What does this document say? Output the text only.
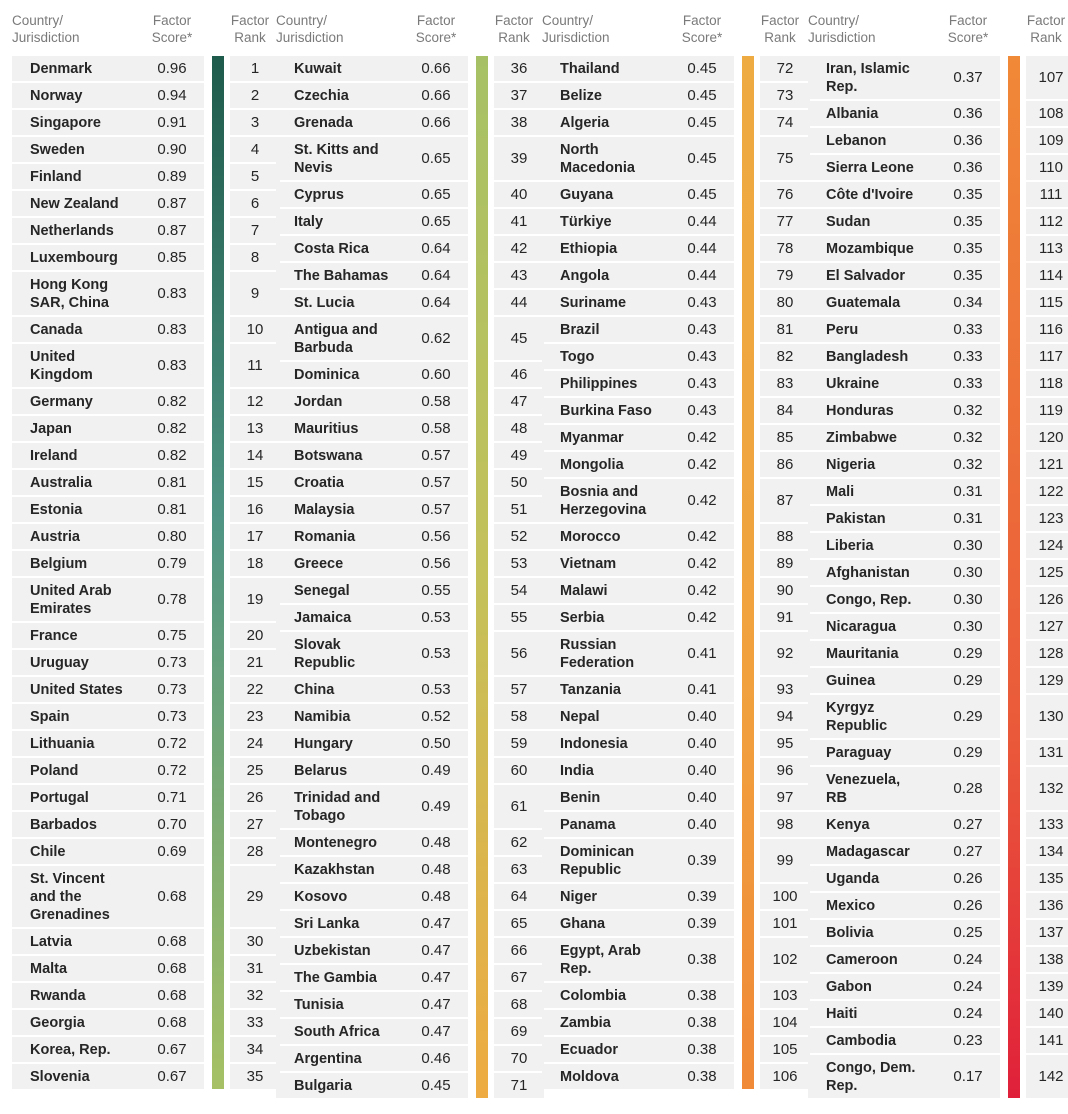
Country/
Jurisdiction
Factor
Score*
Factor
Rank
Denmark	0.96	1
Norway	0.94	2
Singapore	0.91	3
Sweden	0.90	4
Finland	0.89	5
New Zealand	0.87	6
Netherlands	0.87	7
Luxembourg	0.85	8
Hong Kong
SAR, China
0.83	9
Canada	0.83	10
United
Kingdom
0.83	11
Germany	0.82	12
Japan	0.82	13
Ireland	0.82	14
Australia	0.81	15
Estonia	0.81	16
Austria	0.80	17
Belgium	0.79	18
United Arab
Emirates
0.78	19
France	0.75	20
Uruguay	0.73	21
United States	0.73	22
Spain	0.73	23
Lithuania	0.72	24
Poland	0.72	25
Portugal	0.71	26
Barbados	0.70	27
Chile	0.69	28
St. Vincent
and the
Grenadines
0.68	29
Latvia	0.68	30
Malta	0.68	31
Rwanda	0.68	32
Georgia	0.68	33
Korea, Rep.	0.67	34
Slovenia	0.67	35
Country/
Jurisdiction
Factor
Score*
Factor
Rank
Kuwait	0.66	36
Czechia	0.66	37
Grenada	0.66	38
St. Kitts and
Nevis
0.65	39
Cyprus	0.65	40
Italy	0.65	41
Costa Rica	0.64	42
The Bahamas	0.64	43
St. Lucia	0.64	44
Antigua and
Barbuda
0.62	45
Dominica	0.60	46
Jordan	0.58	47
Mauritius	0.58	48
Botswana	0.57	49
Croatia	0.57	50
Malaysia	0.57	51
Romania	0.56	52
Greece	0.56	53
Senegal	0.55	54
Jamaica	0.53	55
Slovak
Republic
0.53	56
China	0.53	57
Namibia	0.52	58
Hungary	0.50	59
Belarus	0.49	60
Trinidad and
Tobago
0.49	61
Montenegro	0.48	62
Kazakhstan	0.48	63
Kosovo	0.48	64
Sri Lanka	0.47	65
Uzbekistan	0.47	66
The Gambia	0.47	67
Tunisia	0.47	68
South Africa	0.47	69
Argentina	0.46	70
Bulgaria	0.45	71
Country/
Jurisdiction
Factor
Score*
Factor
Rank
Thailand	0.45	72
Belize	0.45	73
Algeria	0.45	74
North
Macedonia
0.45	75
Guyana	0.45	76
Türkiye	0.44	77
Ethiopia	0.44	78
Angola	0.44	79
Suriname	0.43	80
Brazil	0.43	81
Togo	0.43	82
Philippines	0.43	83
Burkina Faso	0.43	84
Myanmar	0.42	85
Mongolia	0.42	86
Bosnia and
Herzegovina
0.42	87
Morocco	0.42	88
Vietnam	0.42	89
Malawi	0.42	90
Serbia	0.42	91
Russian
Federation
0.41	92
Tanzania	0.41	93
Nepal	0.40	94
Indonesia	0.40	95
India	0.40	96
Benin	0.40	97
Panama	0.40	98
Dominican
Republic
0.39	99
Niger	0.39	100
Ghana	0.39	101
Egypt, Arab
Rep.
0.38	102
Colombia	0.38	103
Zambia	0.38	104
Ecuador	0.38	105
Moldova	0.38	106
Country/
Jurisdiction
Factor
Score*
Factor
Rank
Iran, Islamic
Rep.
0.37	107
Albania	0.36	108
Lebanon	0.36	109
Sierra Leone	0.36	110
Côte d'Ivoire	0.35	111
Sudan	0.35	112
Mozambique	0.35	113
El Salvador	0.35	114
Guatemala	0.34	115
Peru	0.33	116
Bangladesh	0.33	117
Ukraine	0.33	118
Honduras	0.32	119
Zimbabwe	0.32	120
Nigeria	0.32	121
Mali	0.31	122
Pakistan	0.31	123
Liberia	0.30	124
Afghanistan	0.30	125
Congo, Rep.	0.30	126
Nicaragua	0.30	127
Mauritania	0.29	128
Guinea	0.29	129
Kyrgyz
Republic
0.29	130
Paraguay	0.29	131
Venezuela,
RB
0.28	132
Kenya	0.27	133
Madagascar	0.27	134
Uganda	0.26	135
Mexico	0.26	136
Bolivia	0.25	137
Cameroon	0.24	138
Gabon	0.24	139
Haiti	0.24	140
Cambodia	0.23	141
Congo, Dem.
Rep.
0.17	142
